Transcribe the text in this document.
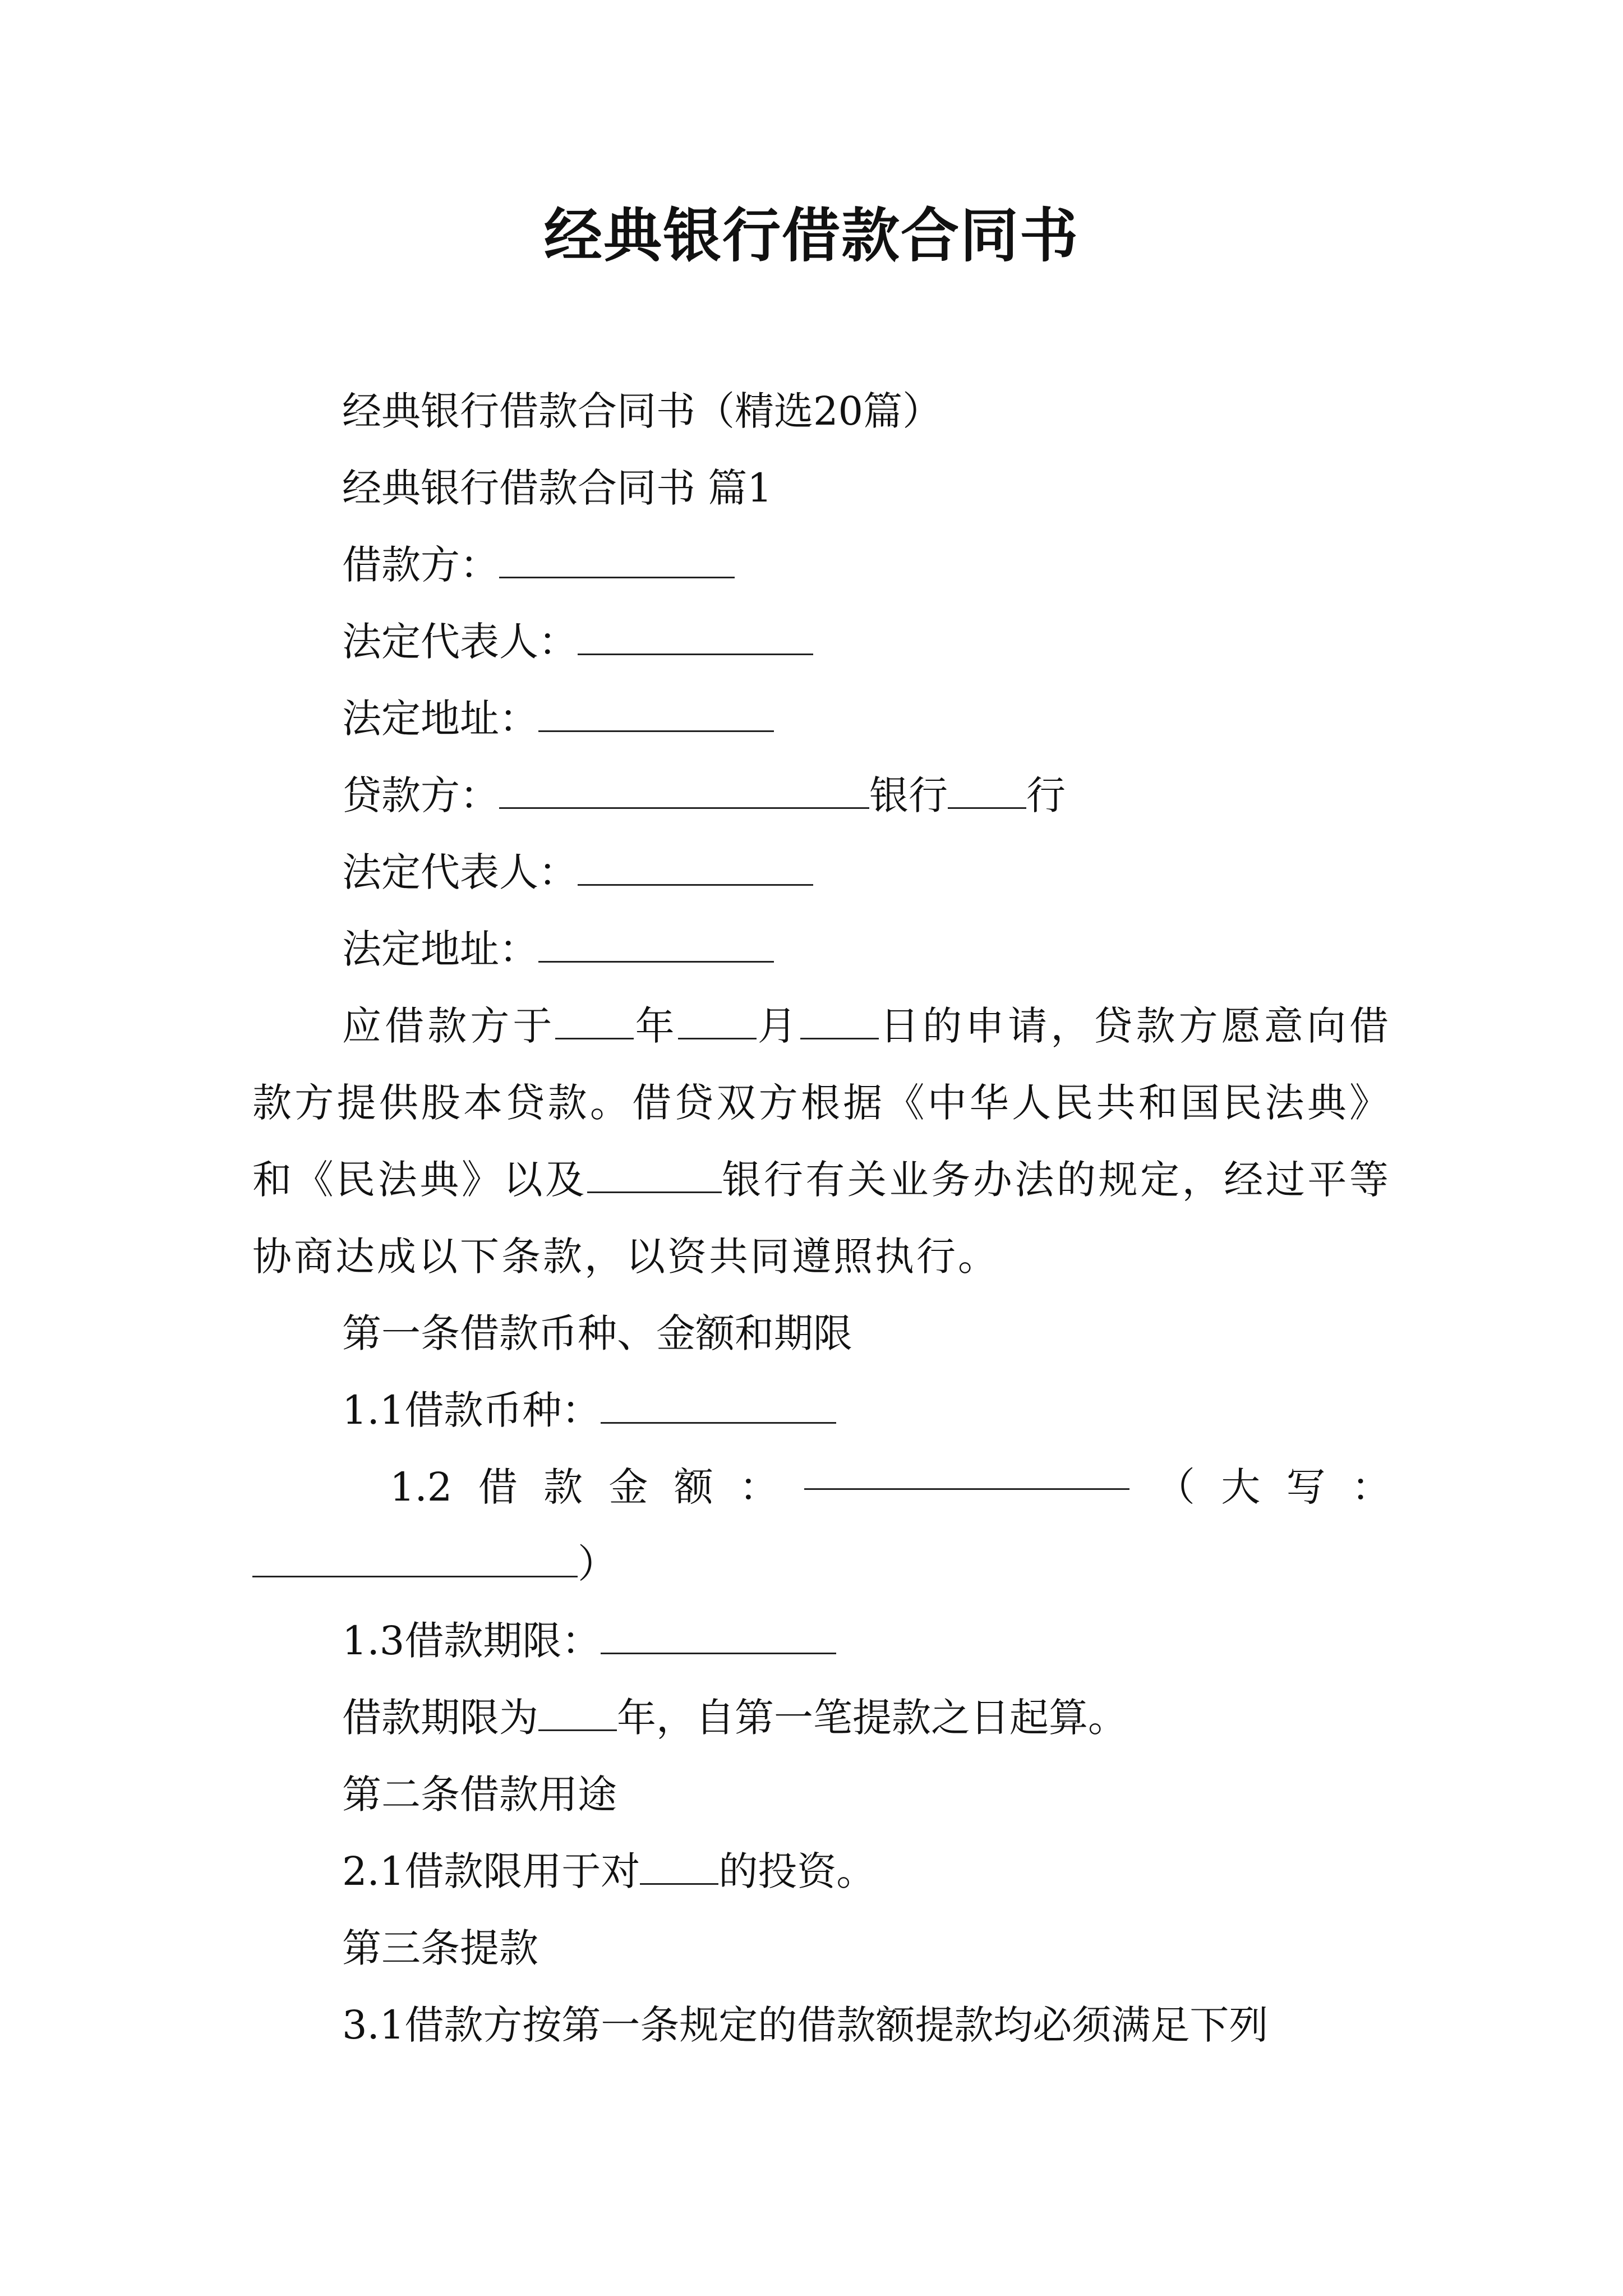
经典银行借款合同书

经典银行借款合同书（精选20篇）

经典银行借款合同书 篇1

借款方：

法定代表人：

法定地址：

贷款方：	银行 行

法定代表人：

法定地址：

应借款方于 年 月 日的申请，贷款方愿意向借款方提供股本贷款。借贷双方根据《中华人民共和国民法典》和《民法典》以及	银行有关业务办法的规定，经过平等协商达成以下条款，以资共同遵照执行。

第一条借款币种、金额和期限

1.1借款币种：

1.2 借 款 金 额 ：	（ 大 写 ：

）

1.3借款期限：

借款期限为 年，自第一笔提款之日起算。

第二条借款用途

2.1借款限用于对 的投资。

第三条提款

3.1借款方按第一条规定的借款额提款均必须满足下列
